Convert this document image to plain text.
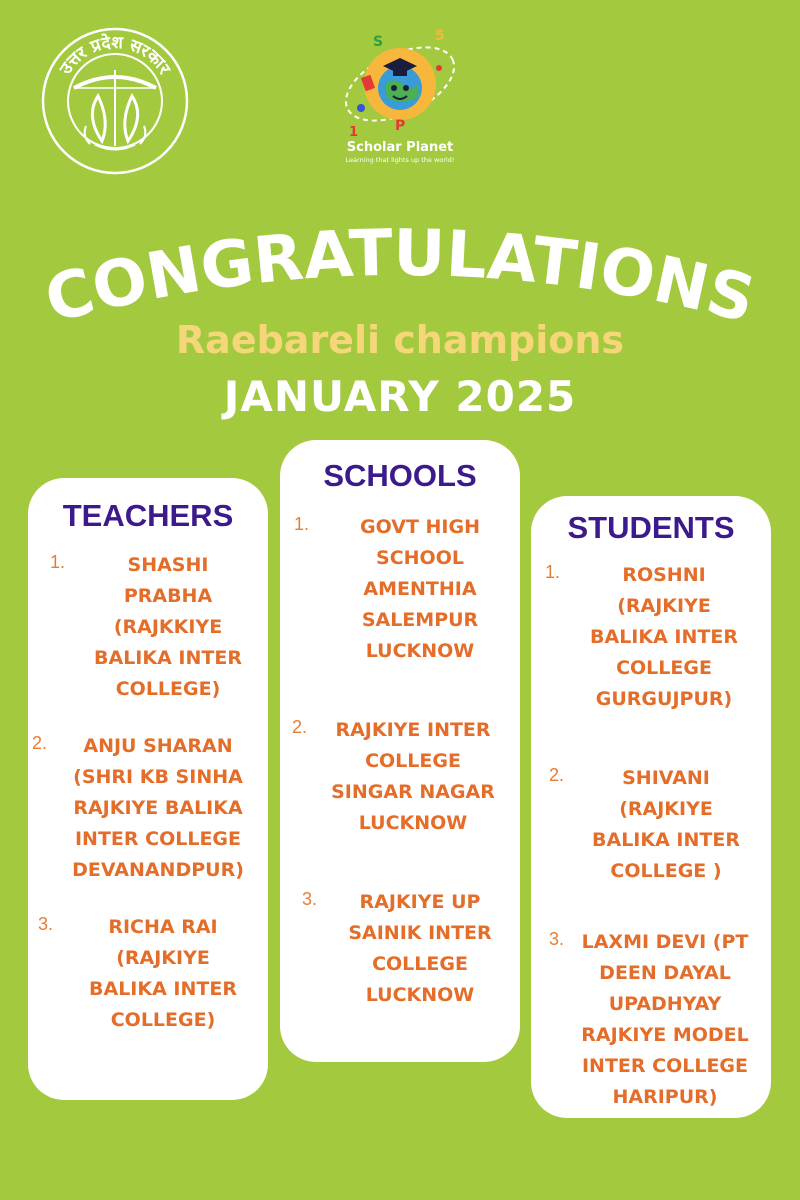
उत्तर प्रदेश सरकार
S	5
P
1
Scholar Planet
Learning that lights up the world!
CONGRATULATIONS
Raebareli champions
JANUARY 2025
TEACHERS
1.	SHASHI
PRABHA
(RAJKKIYE
BALIKA INTER
COLLEGE)
2.	ANJU SHARAN
(SHRI KB SINHA
RAJKIYE BALIKA
INTER COLLEGE
DEVANANDPUR)
3.	RICHA RAI
(RAJKIYE
BALIKA INTER
COLLEGE)
SCHOOLS
1.	GOVT HIGH
SCHOOL
AMENTHIA
SALEMPUR
LUCKNOW
2.	RAJKIYE INTER
COLLEGE
SINGAR NAGAR
LUCKNOW
3.	RAJKIYE UP
SAINIK INTER
COLLEGE
LUCKNOW
STUDENTS
1.	ROSHNI
(RAJKIYE
BALIKA INTER
COLLEGE
GURGUJPUR)
2.	SHIVANI
(RAJKIYE
BALIKA INTER
COLLEGE )
3. LAXMI DEVI (PT
DEEN DAYAL
UPADHYAY
RAJKIYE MODEL
INTER COLLEGE
HARIPUR)
